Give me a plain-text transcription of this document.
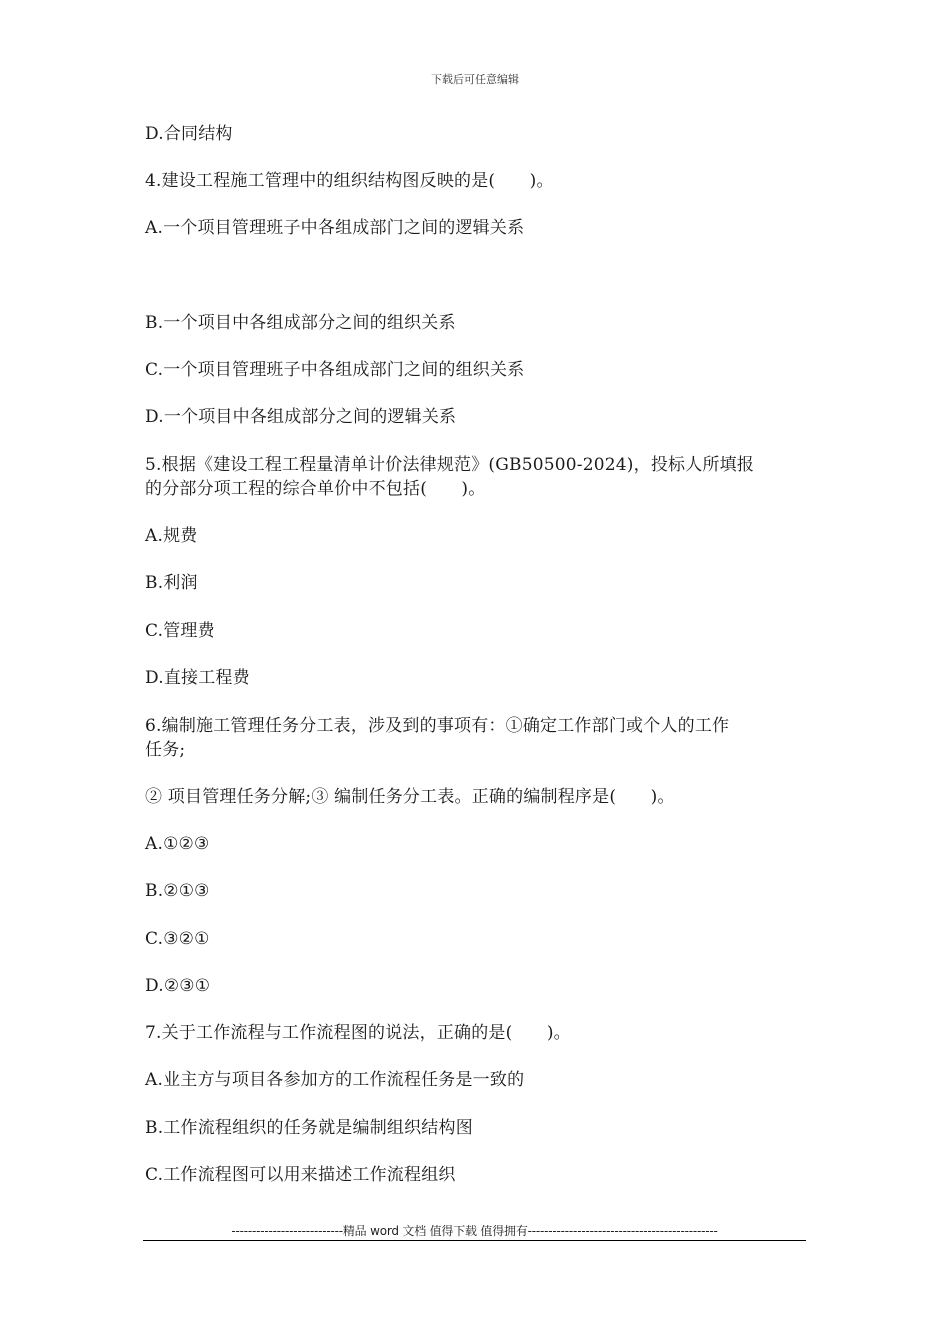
下载后可任意编辑
D.合同结构
4.建设工程施工管理中的组织结构图反映的是(　　)。
A.一个项目管理班子中各组成部门之间的逻辑关系
B.一个项目中各组成部分之间的组织关系
C.一个项目管理班子中各组成部门之间的组织关系
D.一个项目中各组成部分之间的逻辑关系
5.根据《建设工程工程量清单计价法律规范》(GB50500-2024)，投标人所填报
的分部分项工程的综合单价中不包括(　　)。
A.规费
B.利润
C.管理费
D.直接工程费
6.编制施工管理任务分工表，涉及到的事项有：①确定工作部门或个人的工作
任务;
② 项目管理任务分解;③ 编制任务分工表。正确的编制程序是(　　)。
A.①②③
B.②①③
C.③②①
D.②③①
7.关于工作流程与工作流程图的说法，正确的是(　　)。
A.业主方与项目各参加方的工作流程任务是一致的
B.工作流程组织的任务就是编制组织结构图
C.工作流程图可以用来描述工作流程组织
---------------------------精品 word 文档 值得下载 值得拥有----------------------------------------------
